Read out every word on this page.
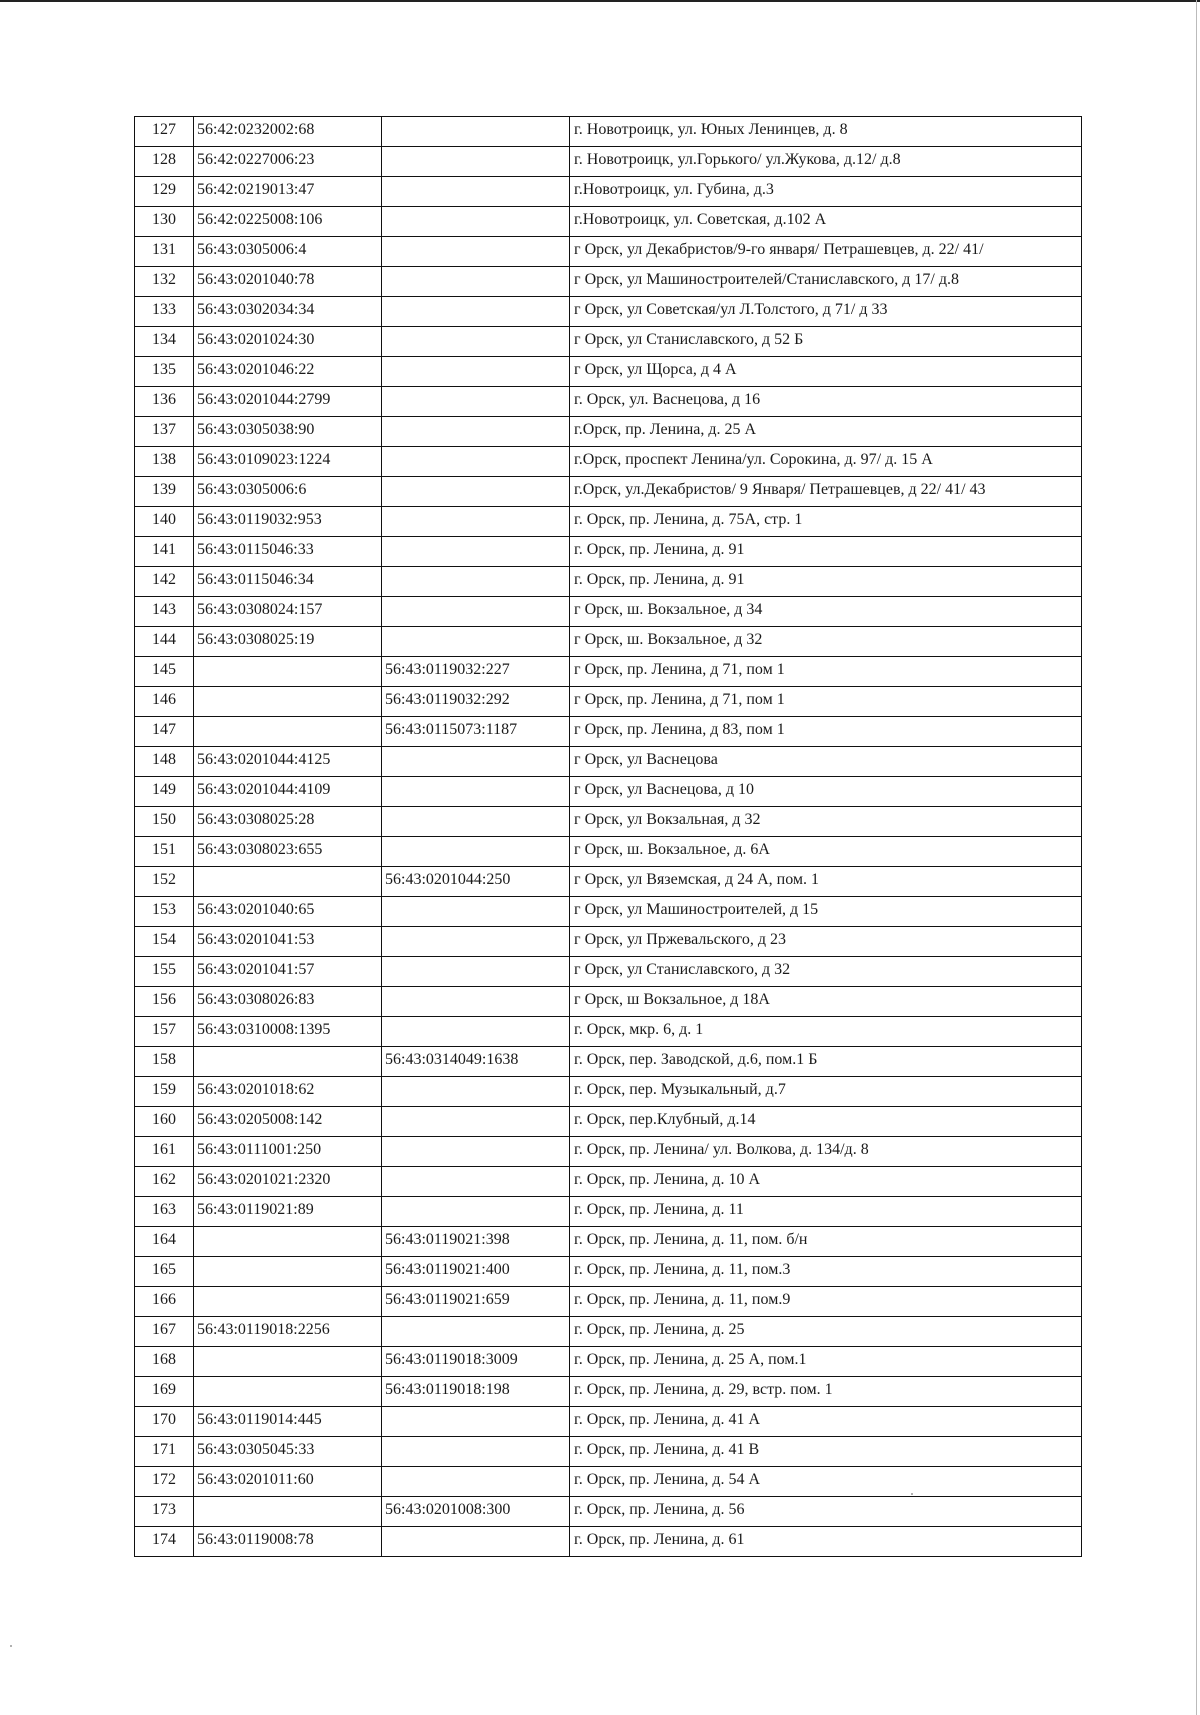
127	56:42:0232002:68		г. Новотроицк, ул. Юных Ленинцев, д. 8
128	56:42:0227006:23		г. Новотроицк, ул.Горького/ ул.Жукова, д.12/ д.8
129	56:42:0219013:47		г.Новотроицк, ул. Губина, д.3
130	56:42:0225008:106		г.Новотроицк, ул. Советская, д.102 А
131	56:43:0305006:4		г Орск, ул Декабристов/9-го января/ Петрашевцев, д. 22/ 41/
132	56:43:0201040:78		г Орск, ул Машиностроителей/Станиславского, д 17/ д.8
133	56:43:0302034:34		г Орск, ул Советская/ул Л.Толстого, д 71/ д 33
134	56:43:0201024:30		г Орск, ул Станиславского, д 52 Б
135	56:43:0201046:22		г Орск, ул Щорса, д 4 А
136	56:43:0201044:2799		г. Орск, ул. Васнецова, д 16
137	56:43:0305038:90		г.Орск, пр. Ленина, д. 25 А
138	56:43:0109023:1224		г.Орск, проспект Ленина/ул. Сорокина, д. 97/ д. 15 А
139	56:43:0305006:6		г.Орск, ул.Декабристов/ 9 Января/ Петрашевцев, д 22/ 41/ 43
140	56:43:0119032:953		г. Орск, пр. Ленина, д. 75А, стр. 1
141	56:43:0115046:33		г. Орск, пр. Ленина, д. 91
142	56:43:0115046:34		г. Орск, пр. Ленина, д. 91
143	56:43:0308024:157		г Орск, ш. Вокзальное, д 34
144	56:43:0308025:19		г Орск, ш. Вокзальное, д 32
145		56:43:0119032:227	г Орск, пр. Ленина, д 71, пом 1
146		56:43:0119032:292	г Орск, пр. Ленина, д 71, пом 1
147		56:43:0115073:1187	г Орск, пр. Ленина, д 83, пом 1
148	56:43:0201044:4125		г Орск, ул Васнецова
149	56:43:0201044:4109		г Орск, ул Васнецова, д 10
150	56:43:0308025:28		г Орск, ул Вокзальная, д 32
151	56:43:0308023:655		г Орск, ш. Вокзальное, д. 6А
152		56:43:0201044:250	г Орск, ул Вяземская, д 24 А, пом. 1
153	56:43:0201040:65		г Орск, ул Машиностроителей, д 15
154	56:43:0201041:53		г Орск, ул Пржевальского, д 23
155	56:43:0201041:57		г Орск, ул Станиславского, д 32
156	56:43:0308026:83		г Орск, ш Вокзальное, д 18А
157	56:43:0310008:1395		г. Орск, мкр. 6, д. 1
158		56:43:0314049:1638	г. Орск, пер. Заводской, д.6, пом.1 Б
159	56:43:0201018:62		г. Орск, пер. Музыкальный, д.7
160	56:43:0205008:142		г. Орск, пер.Клубный, д.14
161	56:43:0111001:250		г. Орск, пр. Ленина/ ул. Волкова, д. 134/д. 8
162	56:43:0201021:2320		г. Орск, пр. Ленина, д. 10 А
163	56:43:0119021:89		г. Орск, пр. Ленина, д. 11
164		56:43:0119021:398	г. Орск, пр. Ленина, д. 11, пом. б/н
165		56:43:0119021:400	г. Орск, пр. Ленина, д. 11, пом.3
166		56:43:0119021:659	г. Орск, пр. Ленина, д. 11, пом.9
167	56:43:0119018:2256		г. Орск, пр. Ленина, д. 25
168		56:43:0119018:3009	г. Орск, пр. Ленина, д. 25 А, пом.1
169		56:43:0119018:198	г. Орск, пр. Ленина, д. 29, встр. пом. 1
170	56:43:0119014:445		г. Орск, пр. Ленина, д. 41 А
171	56:43:0305045:33		г. Орск, пр. Ленина, д. 41 В
172	56:43:0201011:60		г. Орск, пр. Ленина, д. 54 А
173		56:43:0201008:300	г. Орск, пр. Ленина, д. 56
174	56:43:0119008:78		г. Орск, пр. Ленина, д. 61
